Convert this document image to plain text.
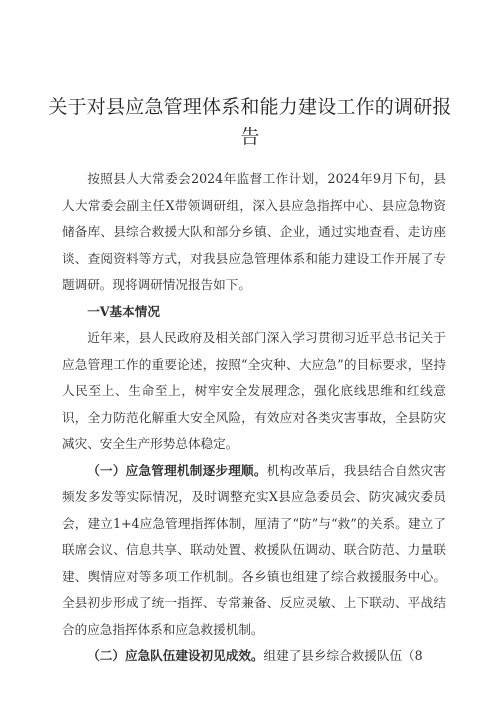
关于对县应急管理体系和能力建设工作的调研报告

按照县人大常委会2024年监督工作计划，2024年9月下旬，县人大常委会副主任X带领调研组，深入县应急指挥中心、县应急物资储备库、县综合救援大队和部分乡镇、企业，通过实地查看、走访座谈、查阅资料等方式，对我县应急管理体系和能力建设工作开展了专题调研。现将调研情况报告如下。

一V基本情况

近年来，县人民政府及相关部门深入学习贯彻习近平总书记关于应急管理工作的重要论述，按照“全灾种、大应急”的目标要求，坚持人民至上、生命至上，树牢安全发展理念，强化底线思维和红线意识，全力防范化解重大安全风险，有效应对各类灾害事故，全县防灾减灾、安全生产形势总体稳定。

（一）应急管理机制逐步理顺。机构改革后，我县结合自然灾害频发多发等实际情况，及时调整充实X县应急委员会、防灾减灾委员会，建立1+4应急管理指挥体制，厘清了“防”与“救”的关系。建立了联席会议、信息共享、联动处置、救援队伍调动、联合防范、力量联建、舆情应对等多项工作机制。各乡镇也组建了综合救援服务中心。全县初步形成了统一指挥、专常兼备、反应灵敏、上下联动、平战结合的应急指挥体系和应急救援机制。

（二）应急队伍建设初见成效。组建了县乡综合救援队伍（8
